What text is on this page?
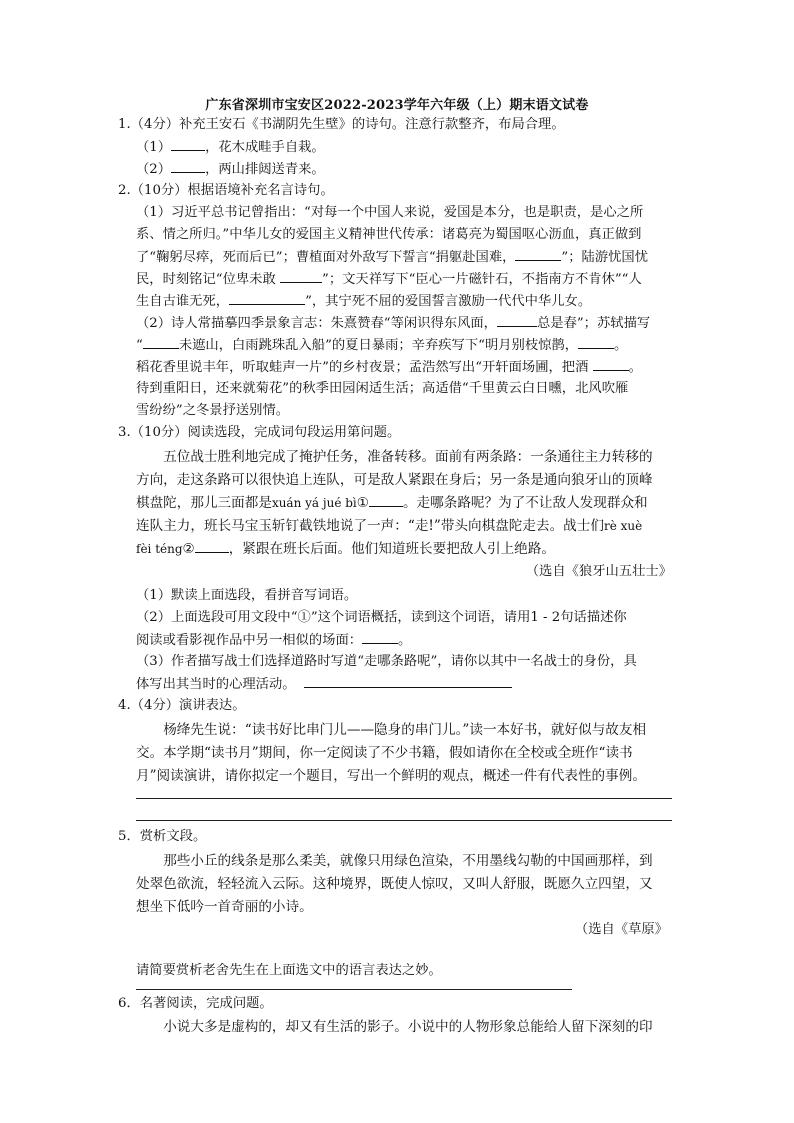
广东省深圳市宝安区2022-2023学年六年级（上）期末语文试卷
1.（4分）补充王安石《书湖阴先生壁》的诗句。注意行款整齐，布局合理。
（1）	，花木成畦手自栽。
（2）	，两山排闼送青来。
2.（10分）根据语境补充名言诗句。
（1）习近平总书记曾指出：“对每一个中国人来说，爱国是本分，也是职责，是心之所
系、情之所归。”中华儿女的爱国主义精神世代传承：诸葛亮为蜀国呕心沥血，真正做到
了“鞠躬尽瘁，死而后已”；曹植面对外敌写下誓言“捐躯赴国难，	”；陆游忧国忧
民，时刻铭记“位卑未敢	”；文天祥写下“臣心一片磁针石，不指南方不肯休”“人
生自古谁无死，	”，其宁死不屈的爱国誓言激励一代代中华儿女。
（2）诗人常描摹四季景象言志：朱熹赞春“等闲识得东风面，	总是春”；苏轼描写
“	未遮山，白雨跳珠乱入船”的夏日暴雨；辛弃疾写下“明月别枝惊鹊，	。
稻花香里说丰年，听取蛙声一片”的乡村夜景；孟浩然写出“开轩面场圃，把酒	。
待到重阳日，还来就菊花”的秋季田园闲适生活；高适借“千里黄云白日曛，北风吹雁
雪纷纷”之冬景抒送别情。
3.（10分）阅读选段，完成词句段运用第问题。
五位战士胜利地完成了掩护任务，准备转移。面前有两条路：一条通往主力转移的
方向，走这条路可以很快追上连队，可是敌人紧跟在身后；另一条是通向狼牙山的顶峰
棋盘陀，那儿三面都是xuán yá jué bì①	。走哪条路呢？为了不让敌人发现群众和
连队主力，班长马宝玉斩钉截铁地说了一声：“走!”带头向棋盘陀走去。战士们rè xuè
fèi téng②	，紧跟在班长后面。他们知道班长要把敌人引上绝路。
（选自《狼牙山五壮士》
（1）默读上面选段，看拼音写词语。
（2）上面选段可用文段中“①”这个词语概括，读到这个词语，请用1 - 2句话描述你
阅读或看影视作品中另一相似的场面：	。
（3）作者描写战士们选择道路时写道“走哪条路呢”，请你以其中一名战士的身份，具
体写出其当时的心理活动。
4.（4分）演讲表达。
杨绛先生说：“读书好比串门儿——隐身的串门儿。”读一本好书，就好似与故友相
交。本学期“读书月”期间，你一定阅读了不少书籍，假如请你在全校或全班作“读书
月”阅读演讲，请你拟定一个题目，写出一个鲜明的观点，概述一件有代表性的事例。
5．赏析文段。
那些小丘的线条是那么柔美，就像只用绿色渲染，不用墨线勾勒的中国画那样，到
处翠色欲流，轻轻流入云际。这种境界，既使人惊叹，又叫人舒服，既愿久立四望，又
想坐下低吟一首奇丽的小诗。
（选自《草原》
请简要赏析老舍先生在上面选文中的语言表达之妙。
6．名著阅读，完成问题。
小说大多是虚构的，却又有生活的影子。小说中的人物形象总能给人留下深刻的印
